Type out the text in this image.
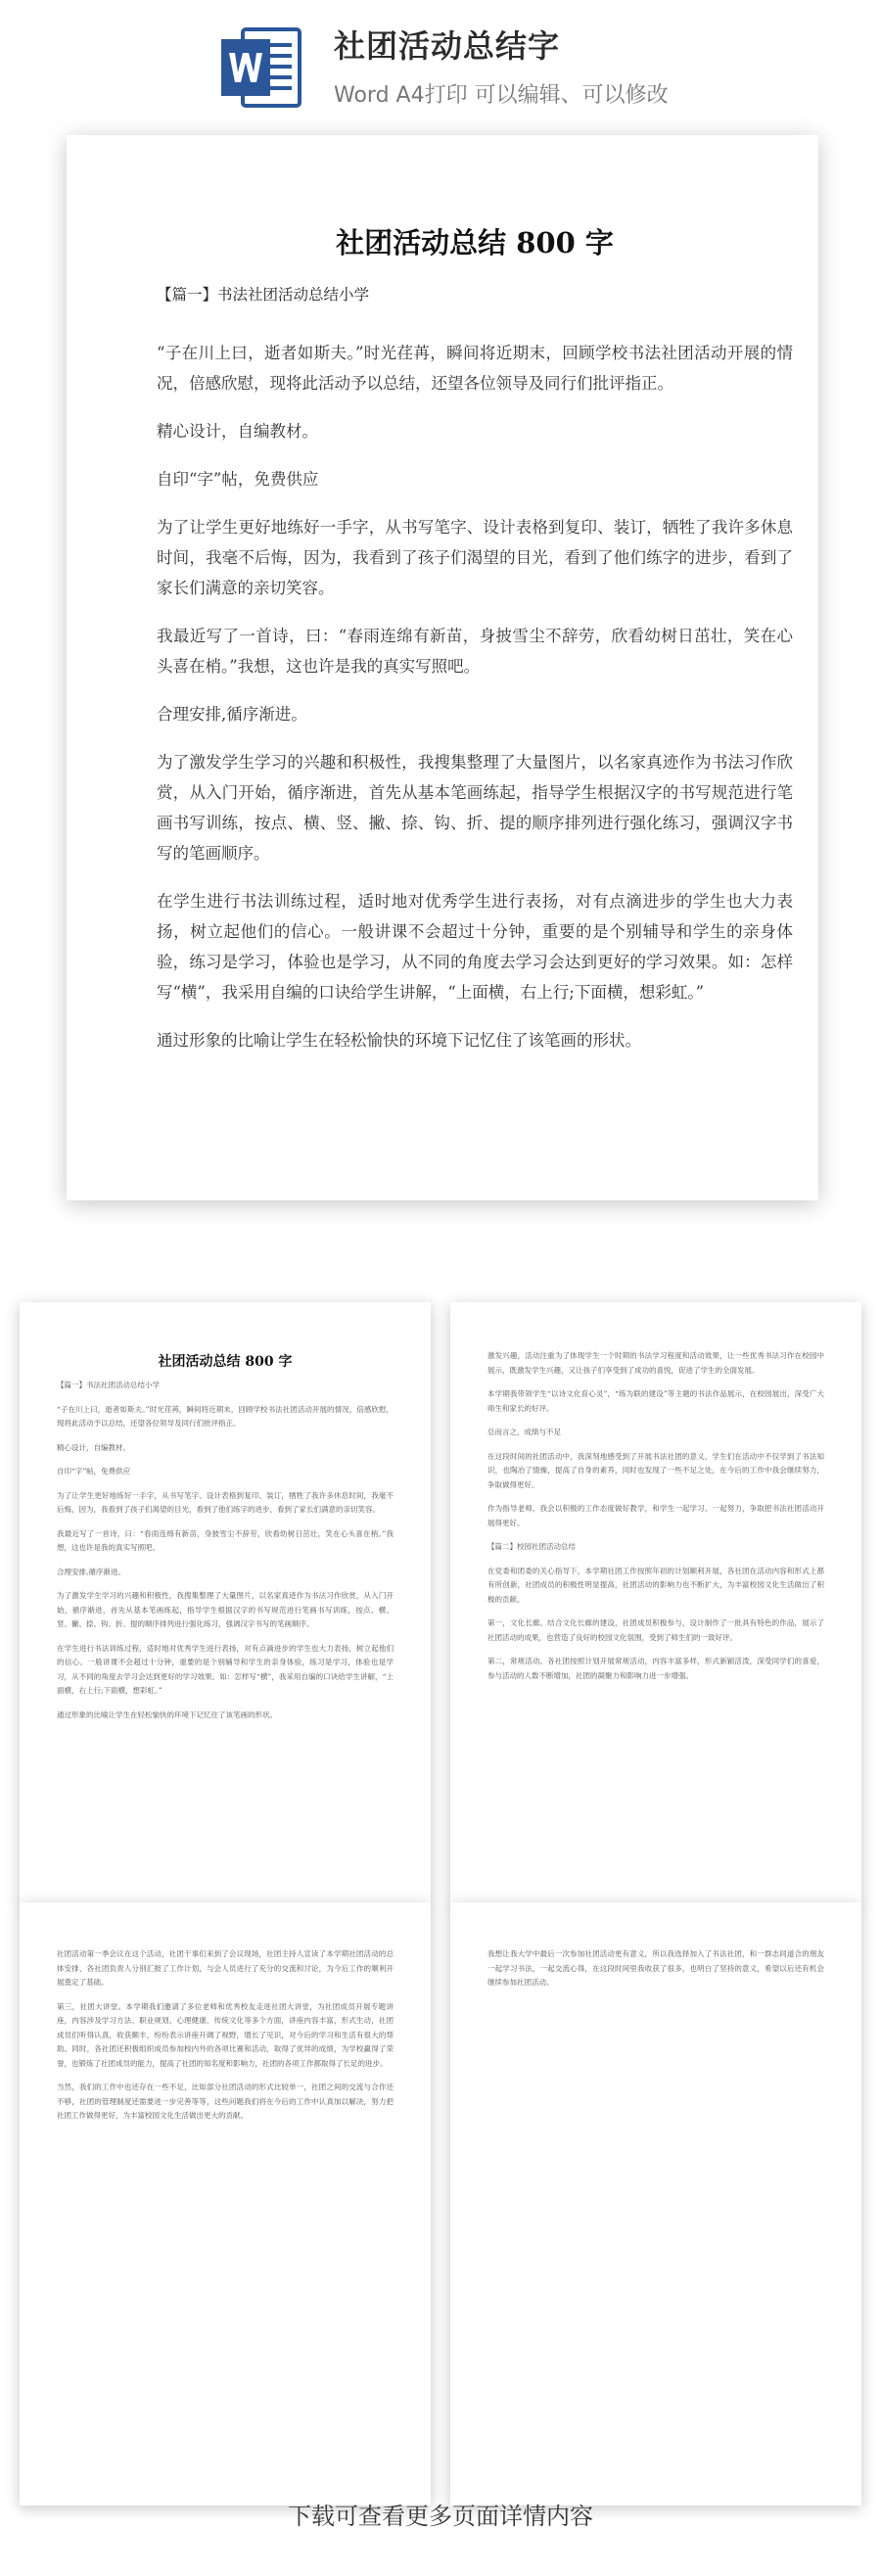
社团活动总结字
Word A4打印 可以编辑、可以修改
社团活动总结 800 字
【篇一】书法社团活动总结小学

“子在川上曰，逝者如斯夫。”时光荏苒，瞬间将近期末，回顾学校书法社团活动开展的情况，倍感欣慰，现将此活动予以总结，还望各位领导及同行们批评指正。

精心设计，自编教材。

自印“字”帖，免费供应

为了让学生更好地练好一手字，从书写笔字、设计表格到复印、装订，牺牲了我许多休息时间，我毫不后悔，因为，我看到了孩子们渴望的目光，看到了他们练字的进步，看到了家长们满意的亲切笑容。

我最近写了一首诗，曰：“春雨连绵有新苗，身披雪尘不辞劳，欣看幼树日茁壮，笑在心头喜在梢。”我想，这也许是我的真实写照吧。

合理安排,循序渐进。

为了激发学生学习的兴趣和积极性，我搜集整理了大量图片，以名家真迹作为书法习作欣赏，从入门开始，循序渐进，首先从基本笔画练起，指导学生根据汉字的书写规范进行笔画书写训练，按点、横、竖、撇、捺、钩、折、提的顺序排列进行强化练习，强调汉字书写的笔画顺序。

在学生进行书法训练过程，适时地对优秀学生进行表扬，对有点滴进步的学生也大力表扬，树立起他们的信心。一般讲课不会超过十分钟，重要的是个别辅导和学生的亲身体验，练习是学习，体验也是学习，从不同的角度去学习会达到更好的学习效果。如：怎样写“横”，我采用自编的口诀给学生讲解，“上面横，右上行;下面横，想彩虹。”

通过形象的比喻让学生在轻松愉快的环境下记忆住了该笔画的形状。

社团活动总结 800 字

【篇一】书法社团活动总结小学

“子在川上曰，逝者如斯夫。”时光荏苒，瞬间将近期末，回顾学校书法社团活动开展的情况，倍感欣慰，现将此活动予以总结，还望各位领导及同行们批评指正。

精心设计，自编教材。

自印“字”帖，免费供应

为了让学生更好地练好一手字，从书写笔字、设计表格到复印、装订，牺牲了我许多休息时间，我毫不后悔，因为，我看到了孩子们渴望的目光，看到了他们练字的进步，看到了家长们满意的亲切笑容。

我最近写了一首诗，曰：“春雨连绵有新苗，身披雪尘不辞劳，欣看幼树日茁壮，笑在心头喜在梢。”我想，这也许是我的真实写照吧。

合理安排,循序渐进。

为了激发学生学习的兴趣和积极性，我搜集整理了大量图片，以名家真迹作为书法习作欣赏，从入门开始，循序渐进，首先从基本笔画练起，指导学生根据汉字的书写规范进行笔画书写训练，按点、横、竖、撇、捺、钩、折、提的顺序排列进行强化练习，强调汉字书写的笔画顺序。

在学生进行书法训练过程，适时地对优秀学生进行表扬，对有点滴进步的学生也大力表扬，树立起他们的信心。一般讲课不会超过十分钟，重要的是个别辅导和学生的亲身体验，练习是学习，体验也是学习，从不同的角度去学习会达到更好的学习效果。如：怎样写“横”，我采用自编的口诀给学生讲解，“上面横，右上行;下面横，想彩虹。”

通过形象的比喻让学生在轻松愉快的环境下记忆住了该笔画的形状。

激发兴趣，活动注重为了体现学生一个时期的书法学习程度和活动效果，让一些优秀书法习作在校园中展示，既激发学生兴趣，又让孩子们享受到了成功的喜悦，促进了学生的全面发展。

本学期我带领学生“以诗文化育心灵”，“练为联的建设”等主题的书法作品展示，在校园展出，深受广大师生和家长的好评。

总而言之，成绩与不足

在这段时间的社团活动中，我深刻地感受到了开展书法社团的意义，学生们在活动中不仅学到了书法知识，也陶冶了情操，提高了自身的素养，同时也发现了一些不足之处，在今后的工作中我会继续努力，争取做得更好。

作为指导老师，我会以积极的工作态度做好教学，和学生一起学习、一起努力，争取把书法社团活动开展得更好。

【篇二】校园社团活动总结

在党委和团委的关心指导下，本学期社团工作按照年初的计划顺利开展，各社团在活动内容和形式上都有所创新，社团成员的积极性明显提高，社团活动的影响力也不断扩大，为丰富校园文化生活做出了积极的贡献。

第一，文化长廊。结合文化长廊的建设，社团成员积极参与，设计制作了一批具有特色的作品，展示了社团活动的成果，也营造了良好的校园文化氛围，受到了师生们的一致好评。

第二，常规活动。各社团按照计划开展常规活动，内容丰富多样，形式新颖活泼，深受同学们的喜爱，参与活动的人数不断增加，社团的凝聚力和影响力进一步增强。

社团活动第一季会议在这个活动，社团干事们来到了会议现场，社团主持人宣读了本学期社团活动的总体安排，各社团负责人分别汇报了工作计划，与会人员进行了充分的交流和讨论，为今后工作的顺利开展奠定了基础。

第三，社团大讲堂。本学期我们邀请了多位老师和优秀校友走进社团大讲堂，为社团成员开展专题讲座，内容涉及学习方法、职业规划、心理健康、传统文化等多个方面，讲座内容丰富，形式生动，社团成员们听得认真，收获颇丰，纷纷表示讲座开阔了视野，增长了见识，对今后的学习和生活有很大的帮助。同时，各社团还积极组织成员参加校内外的各项比赛和活动，取得了优异的成绩，为学校赢得了荣誉，也锻炼了社团成员的能力，提高了社团的知名度和影响力，社团的各项工作都取得了长足的进步。

当然，我们的工作中也还存在一些不足，比如部分社团活动的形式比较单一，社团之间的交流与合作还不够，社团的管理制度还需要进一步完善等等，这些问题我们将在今后的工作中认真加以解决，努力把社团工作做得更好，为丰富校园文化生活做出更大的贡献。

我想让我大学中最后一次参加社团活动更有意义，所以我选择加入了书法社团，和一群志同道合的朋友一起学习书法，一起交流心得，在这段时间里我收获了很多，也明白了坚持的意义，希望以后还有机会继续参加社团活动。

下载可查看更多页面详情内容
